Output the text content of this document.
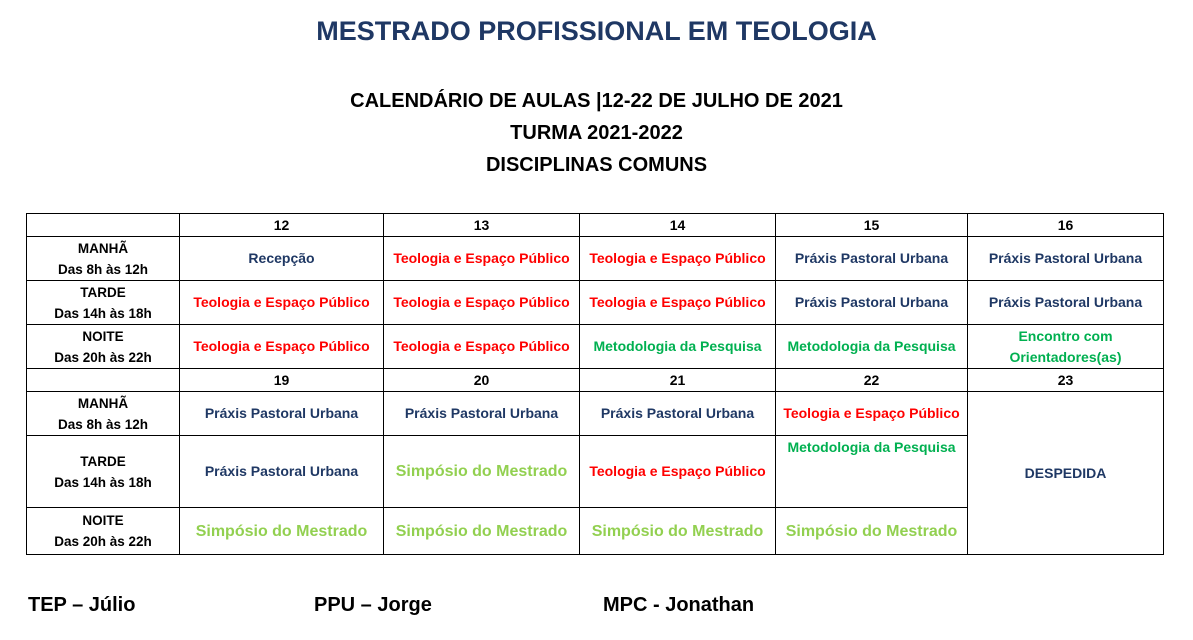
MESTRADO PROFISSIONAL EM TEOLOGIA
CALENDÁRIO DE AULAS |12-22 DE JULHO DE 2021
TURMA 2021-2022
DISCIPLINAS COMUNS
	12	13	14	15	16
MANHÃ
Das 8h às 12h	Recepção	Teologia e Espaço Público	Teologia e Espaço Público	Práxis Pastoral Urbana	Práxis Pastoral Urbana
TARDE
Das 14h às 18h	Teologia e Espaço Público	Teologia e Espaço Público	Teologia e Espaço Público	Práxis Pastoral Urbana	Práxis Pastoral Urbana
NOITE
Das 20h às 22h	Teologia e Espaço Público	Teologia e Espaço Público	Metodologia da Pesquisa	Metodologia da Pesquisa	Encontro com Orientadores(as)
	19	20	21	22	23
MANHÃ
Das 8h às 12h	Práxis Pastoral Urbana	Práxis Pastoral Urbana	Práxis Pastoral Urbana	Teologia e Espaço Público	DESPEDIDA
TARDE
Das 14h às 18h	Práxis Pastoral Urbana	Simpósio do Mestrado	Teologia e Espaço Público	Metodologia da Pesquisa	
NOITE
Das 20h às 22h	Simpósio do Mestrado	Simpósio do Mestrado	Simpósio do Mestrado	Simpósio do Mestrado	
TEP – Júlio	PPU – Jorge	MPC - Jonathan
